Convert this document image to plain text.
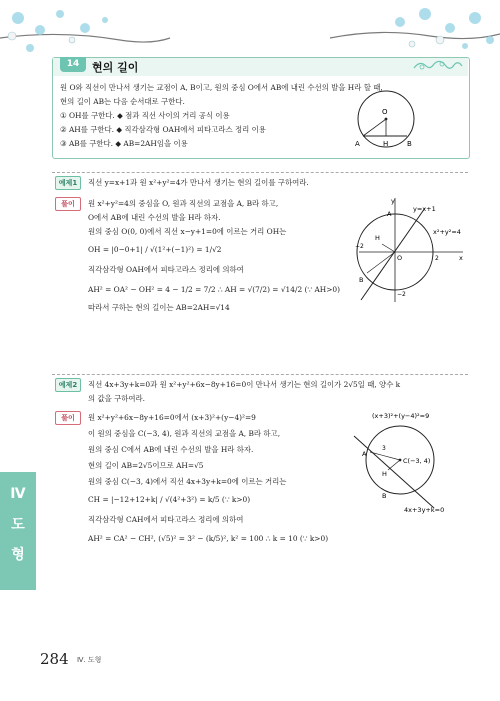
14	현의 길이
원 O와 직선이 만나서 생기는 교점이 A, B이고, 원의 중심 O에서 AB에 내린 수선의 발을 H라 할 때,
현의 길이 AB는 다음 순서대로 구한다.
① OH를 구한다. ◆ 점과 직선 사이의 거리 공식 이용
② AH를 구한다. ◆ 직각삼각형 OAH에서 피타고라스 정리 이용
③ AB를 구한다. ◆ AB=2AH임을 이용
O
A	H	B
예제1	직선 y=x+1과 원 x²+y²=4가 만나서 생기는 현의 길이를 구하여라.
풀이	원 x²+y²=4의 중심을 O, 원과 직선의 교점을 A, B라 하고,
O에서 AB에 내린 수선의 발을 H라 하자.
원의 중심 O(0, 0)에서 직선 x−y+1=0에 이르는 거리 OH는
OH = |0−0+1| / √(1²+(−1)²) = 1/√2
직각삼각형 OAH에서 피타고라스 정리에 의하여
AH² = OA² − OH² = 4 − 1/2 = 7/2 ∴ AH = √(7/2) = √14/2 (∵ AH>0)
따라서 구하는 현의 길이는 AB=2AH=√14
y
x
y=x+1
x²+y²=4
A
H
B
O	2
−2
−2
예제2	직선 4x+3y+k=0과 원 x²+y²+6x−8y+16=0이 만나서 생기는 현의 길이가 2√5일 때, 양수 k
의 값을 구하여라.
풀이	원 x²+y²+6x−8y+16=0에서 (x+3)²+(y−4)²=9
이 원의 중심을 C(−3, 4), 원과 직선의 교점을 A, B라 하고,
원의 중심 C에서 AB에 내린 수선의 발을 H라 하자.
현의 길이 AB=2√5이므로 AH=√5
원의 중심 C(−3, 4)에서 직선 4x+3y+k=0에 이르는 거리는
CH = |−12+12+k| / √(4²+3²) = k/5 (∵ k>0)
직각삼각형 CAH에서 피타고라스 정리에 의하여
AH² = CA² − CH², (√5)² = 3² − (k/5)², k² = 100 ∴ k = 10 (∵ k>0)
(x+3)²+(y−4)²=9
4x+3y+k=0
C(−3, 4)
A
H
B
3
Ⅳ
도
형
284 Ⅳ. 도형
